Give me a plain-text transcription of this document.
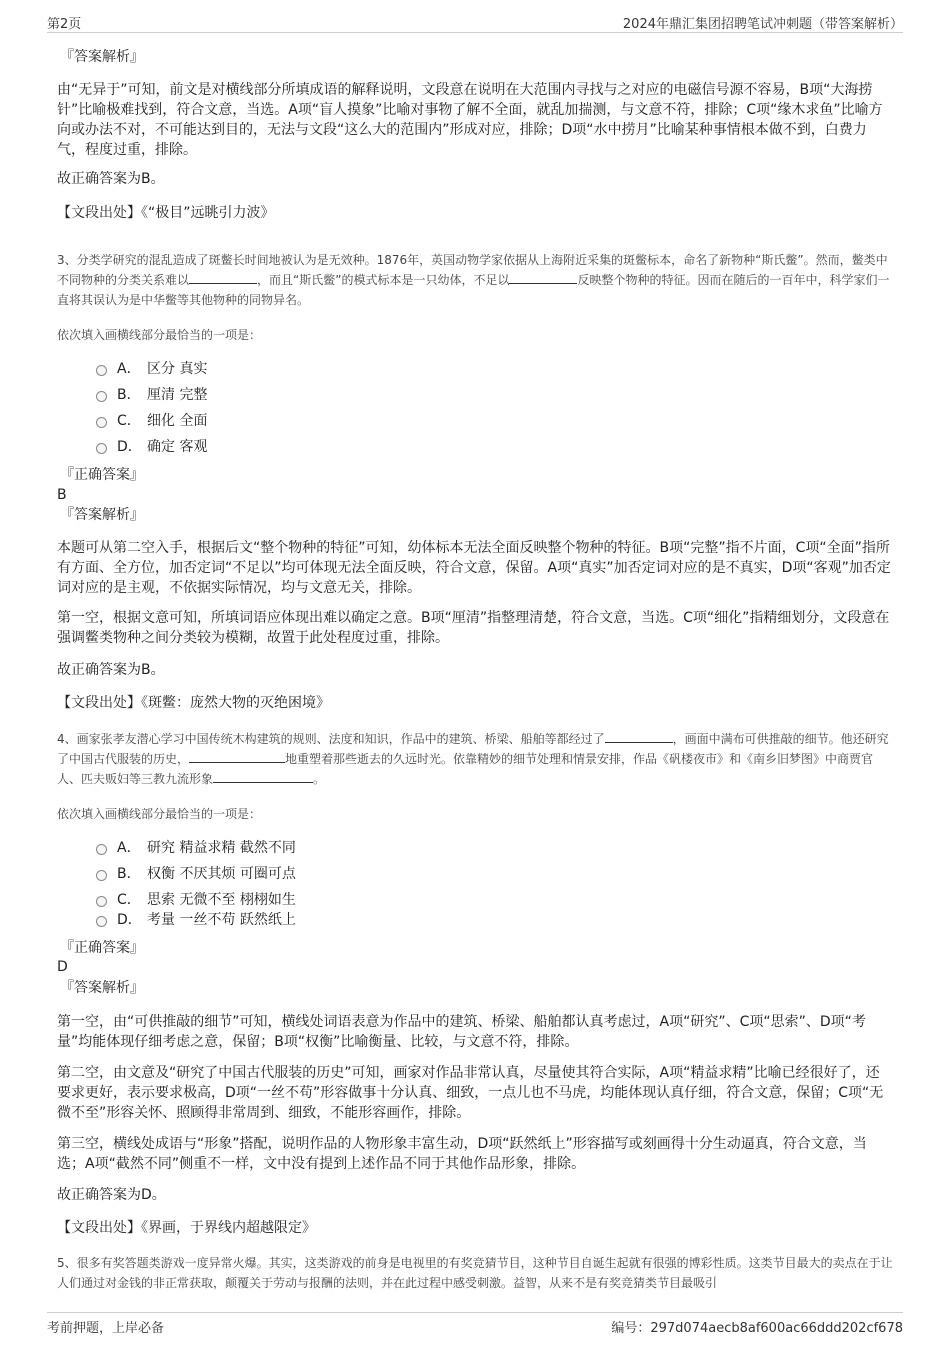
第2页	2024年鼎汇集团招聘笔试冲刺题（带答案解析）
『答案解析』
由“无异于”可知，前文是对横线部分所填成语的解释说明，文段意在说明在大范围内寻找与之对应的电磁信号源不容易，B项“大海捞针”比喻极难找到，符合文意，当选。A项“盲人摸象”比喻对事物了解不全面，就乱加揣测，与文意不符，排除；C项“缘木求鱼”比喻方向或办法不对，不可能达到目的，无法与文段“这么大的范围内”形成对应，排除；D项“水中捞月”比喻某种事情根本做不到，白费力气，程度过重，排除。
故正确答案为B。
【文段出处】《“极目”远眺引力波》
3、分类学研究的混乱造成了斑鳖长时间地被认为是无效种。1876年，英国动物学家依据从上海附近采集的斑鳖标本，命名了新物种“斯氏鳖”。然而，鳖类中不同物种的分类关系难以	，而且“斯氏鳖”的模式标本是一只幼体，不足以	反映整个物种的特征。因而在随后的一百年中，科学家们一直将其误认为是中华鳖等其他物种的同物异名。
依次填入画横线部分最恰当的一项是：
A． 区分 真实
B． 厘清 完整
C． 细化 全面
D． 确定 客观
『正确答案』
B
『答案解析』
本题可从第二空入手，根据后文“整个物种的特征”可知，幼体标本无法全面反映整个物种的特征。B项“完整”指不片面，C项“全面”指所有方面、全方位，加否定词“不足以”均可体现无法全面反映，符合文意，保留。A项“真实”加否定词对应的是不真实，D项“客观”加否定词对应的是主观，不依据实际情况，均与文意无关，排除。
第一空，根据文意可知，所填词语应体现出难以确定之意。B项“厘清”指整理清楚，符合文意，当选。C项“细化”指精细划分，文段意在强调鳖类物种之间分类较为模糊，故置于此处程度过重，排除。
故正确答案为B。
【文段出处】《斑鳖：庞然大物的灭绝困境》
4、画家张孝友潜心学习中国传统木构建筑的规则、法度和知识，作品中的建筑、桥梁、船舶等都经过了	，画面中满布可供推敲的细节。他还研究了中国古代服装的历史，	地重塑着那些逝去的久远时光。依靠精妙的细节处理和情景安排，作品《矾楼夜市》和《南乡旧梦图》中商贾官人、匹夫贩妇等三教九流形象	。
依次填入画横线部分最恰当的一项是：
A． 研究 精益求精 截然不同
B． 权衡 不厌其烦 可圈可点
C． 思索 无微不至 栩栩如生
D． 考量 一丝不苟 跃然纸上
『正确答案』
D
『答案解析』
第一空，由“可供推敲的细节”可知，横线处词语表意为作品中的建筑、桥梁、船舶都认真考虑过，A项“研究”、C项“思索”、D项“考量”均能体现仔细考虑之意，保留；B项“权衡”比喻衡量、比较，与文意不符，排除。
第二空，由文意及“研究了中国古代服装的历史”可知，画家对作品非常认真，尽量使其符合实际，A项“精益求精”比喻已经很好了，还要求更好，表示要求极高，D项“一丝不苟”形容做事十分认真、细致，一点儿也不马虎，均能体现认真仔细，符合文意，保留；C项“无微不至”形容关怀、照顾得非常周到、细致，不能形容画作，排除。
第三空，横线处成语与“形象”搭配，说明作品的人物形象丰富生动，D项“跃然纸上”形容描写或刻画得十分生动逼真，符合文意，当选；A项“截然不同”侧重不一样，文中没有提到上述作品不同于其他作品形象，排除。
故正确答案为D。
【文段出处】《界画，于界线内超越限定》
5、很多有奖答题类游戏一度异常火爆。其实，这类游戏的前身是电视里的有奖竞猜节目，这种节目自诞生起就有很强的博彩性质。这类节目最大的卖点在于让人们通过对金钱的非正常获取，颠覆关于劳动与报酬的法则，并在此过程中感受刺激。益智，从来不是有奖竞猜类节目最吸引
考前押题，上岸必备	编号：297d074aecb8af600ac66ddd202cf678
